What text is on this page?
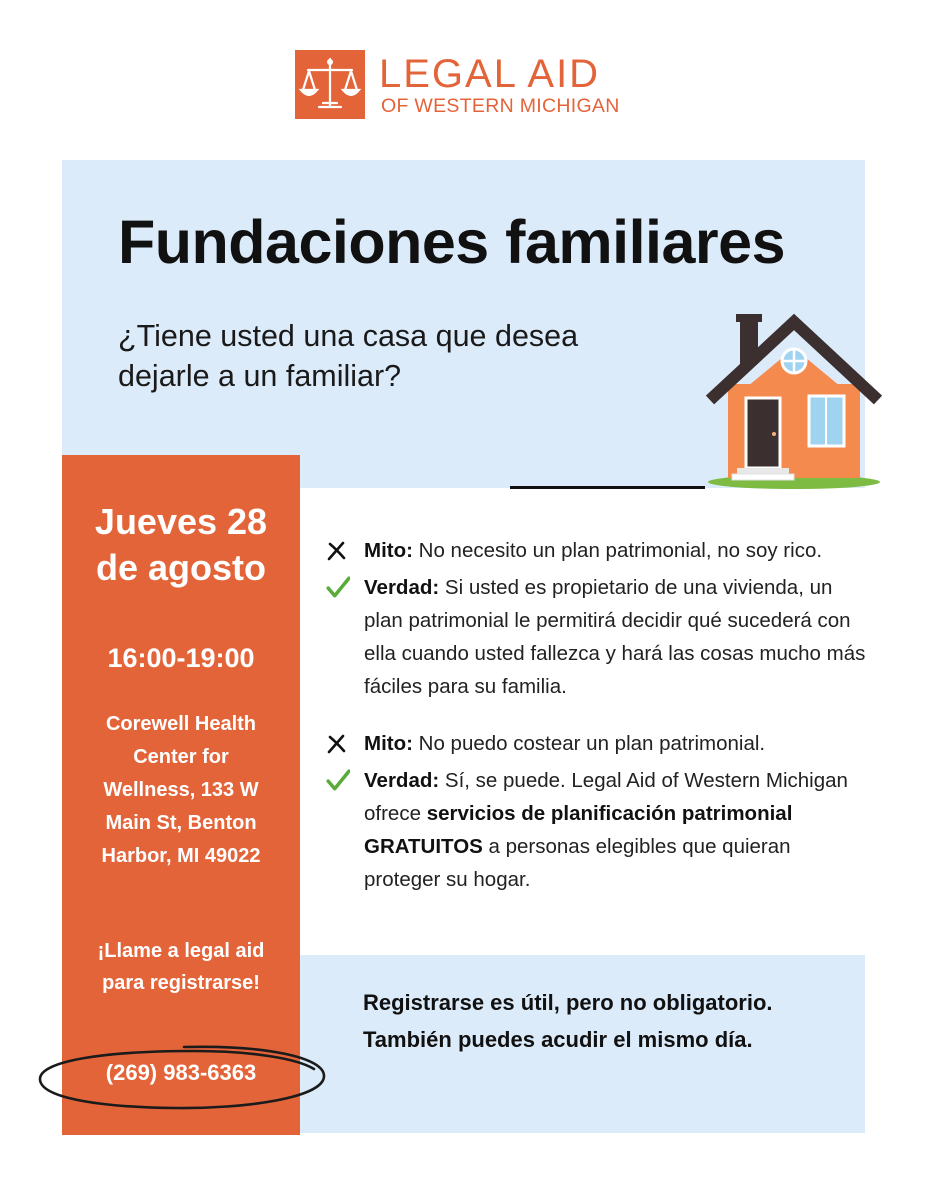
LEGAL AID
OF WESTERN MICHIGAN
Fundaciones familiares
¿Tiene usted una casa que desea dejarle a un familiar?
Jueves 28 de agosto
16:00-19:00
Corewell Health Center for Wellness, 133 W Main St, Benton Harbor, MI 49022
¡Llame a legal aid para registrarse!
(269) 983-6363
Mito: No necesito un plan patrimonial, no soy rico.
Verdad: Si usted es propietario de una vivienda, un plan patrimonial le permitirá decidir qué sucederá con ella cuando usted fallezca y hará las cosas mucho más fáciles para su familia.
Mito: No puedo costear un plan patrimonial.
Verdad: Sí, se puede. Legal Aid of Western Michigan ofrece servicios de planificación patrimonial GRATUITOS a personas elegibles que quieran proteger su hogar.
Registrarse es útil, pero no obligatorio. También puedes acudir el mismo día.
